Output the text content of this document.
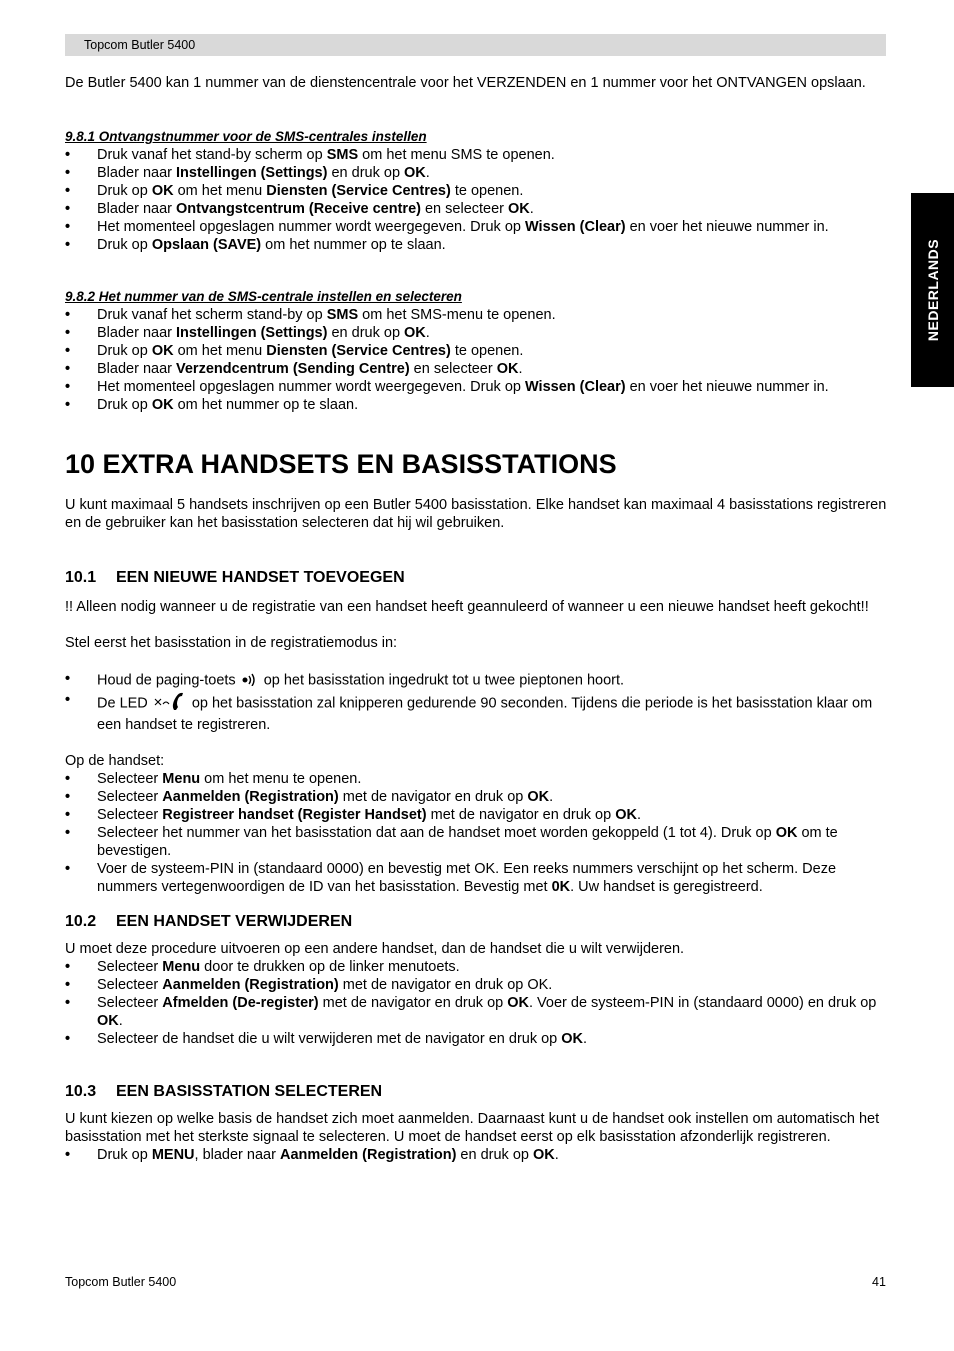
Topcom Butler 5400
NEDERLANDS

De Butler 5400 kan 1 nummer van de dienstencentrale voor het VERZENDEN en 1 nummer voor het ONTVANGEN opslaan.

9.8.1 Ontvangstnummer voor de SMS-centrales instellen

• Druk vanaf het stand-by scherm op SMS om het menu SMS te openen.
• Blader naar Instellingen (Settings) en druk op OK.
• Druk op OK om het menu Diensten (Service Centres) te openen.
• Blader naar Ontvangstcentrum (Receive centre) en selecteer OK.
• Het momenteel opgeslagen nummer wordt weergegeven. Druk op Wissen (Clear) en voer het nieuwe nummer in.
• Druk op Opslaan (SAVE) om het nummer op te slaan.

9.8.2 Het nummer van de SMS-centrale instellen en selecteren

• Druk vanaf het scherm stand-by op SMS om het SMS-menu te openen.
• Blader naar Instellingen (Settings) en druk op OK.
• Druk op OK om het menu Diensten (Service Centres) te openen.
• Blader naar Verzendcentrum (Sending Centre) en selecteer OK.
• Het momenteel opgeslagen nummer wordt weergegeven. Druk op Wissen (Clear) en voer het nieuwe nummer in.
• Druk op OK om het nummer op te slaan.
10 EXTRA HANDSETS EN BASISSTATIONS

U kunt maximaal 5 handsets inschrijven op een Butler 5400 basisstation. Elke handset kan maximaal 4 basisstations registreren en de gebruiker kan het basisstation selecteren dat hij wil gebruiken.

10.1 EEN NIEUWE HANDSET TOEVOEGEN

!! Alleen nodig wanneer u de registratie van een handset heeft geannuleerd of wanneer u een nieuwe handset heeft gekocht!!

Stel eerst het basisstation in de registratiemodus in:

• Houd de paging-toets  op het basisstation ingedrukt tot u twee pieptonen hoort.
• De LED  op het basisstation zal knipperen gedurende 90 seconden. Tijdens die periode is het basisstation klaar om een handset te registreren.

Op de handset:

• Selecteer Menu om het menu te openen.
• Selecteer Aanmelden (Registration) met de navigator en druk op OK.
• Selecteer Registreer handset (Register Handset) met de navigator en druk op OK.
• Selecteer het nummer van het basisstation dat aan de handset moet worden gekoppeld (1 tot 4). Druk op OK om te bevestigen.
• Voer de systeem-PIN in (standaard 0000) en bevestig met OK. Een reeks nummers verschijnt op het scherm. Deze nummers vertegenwoordigen de ID van het basisstation. Bevestig met 0K. Uw handset is geregistreerd.
10.2 EEN HANDSET VERWIJDEREN

U moet deze procedure uitvoeren op een andere handset, dan de handset die u wilt verwijderen.

• Selecteer Menu door te drukken op de linker menutoets.
• Selecteer Aanmelden (Registration) met de navigator en druk op OK.
• Selecteer Afmelden (De-register) met de navigator en druk op OK. Voer de systeem-PIN in (standaard 0000) en druk op OK.
• Selecteer de handset die u wilt verwijderen met de navigator en druk op OK.
10.3 EEN BASISSTATION SELECTEREN

U kunt kiezen op welke basis de handset zich moet aanmelden. Daarnaast kunt u de handset ook instellen om automatisch het basisstation met het sterkste signaal te selecteren. U moet de handset eerst op elk basisstation afzonderlijk registreren.

• Druk op MENU, blader naar Aanmelden (Registration) en druk op OK.
Topcom Butler 5400	41
